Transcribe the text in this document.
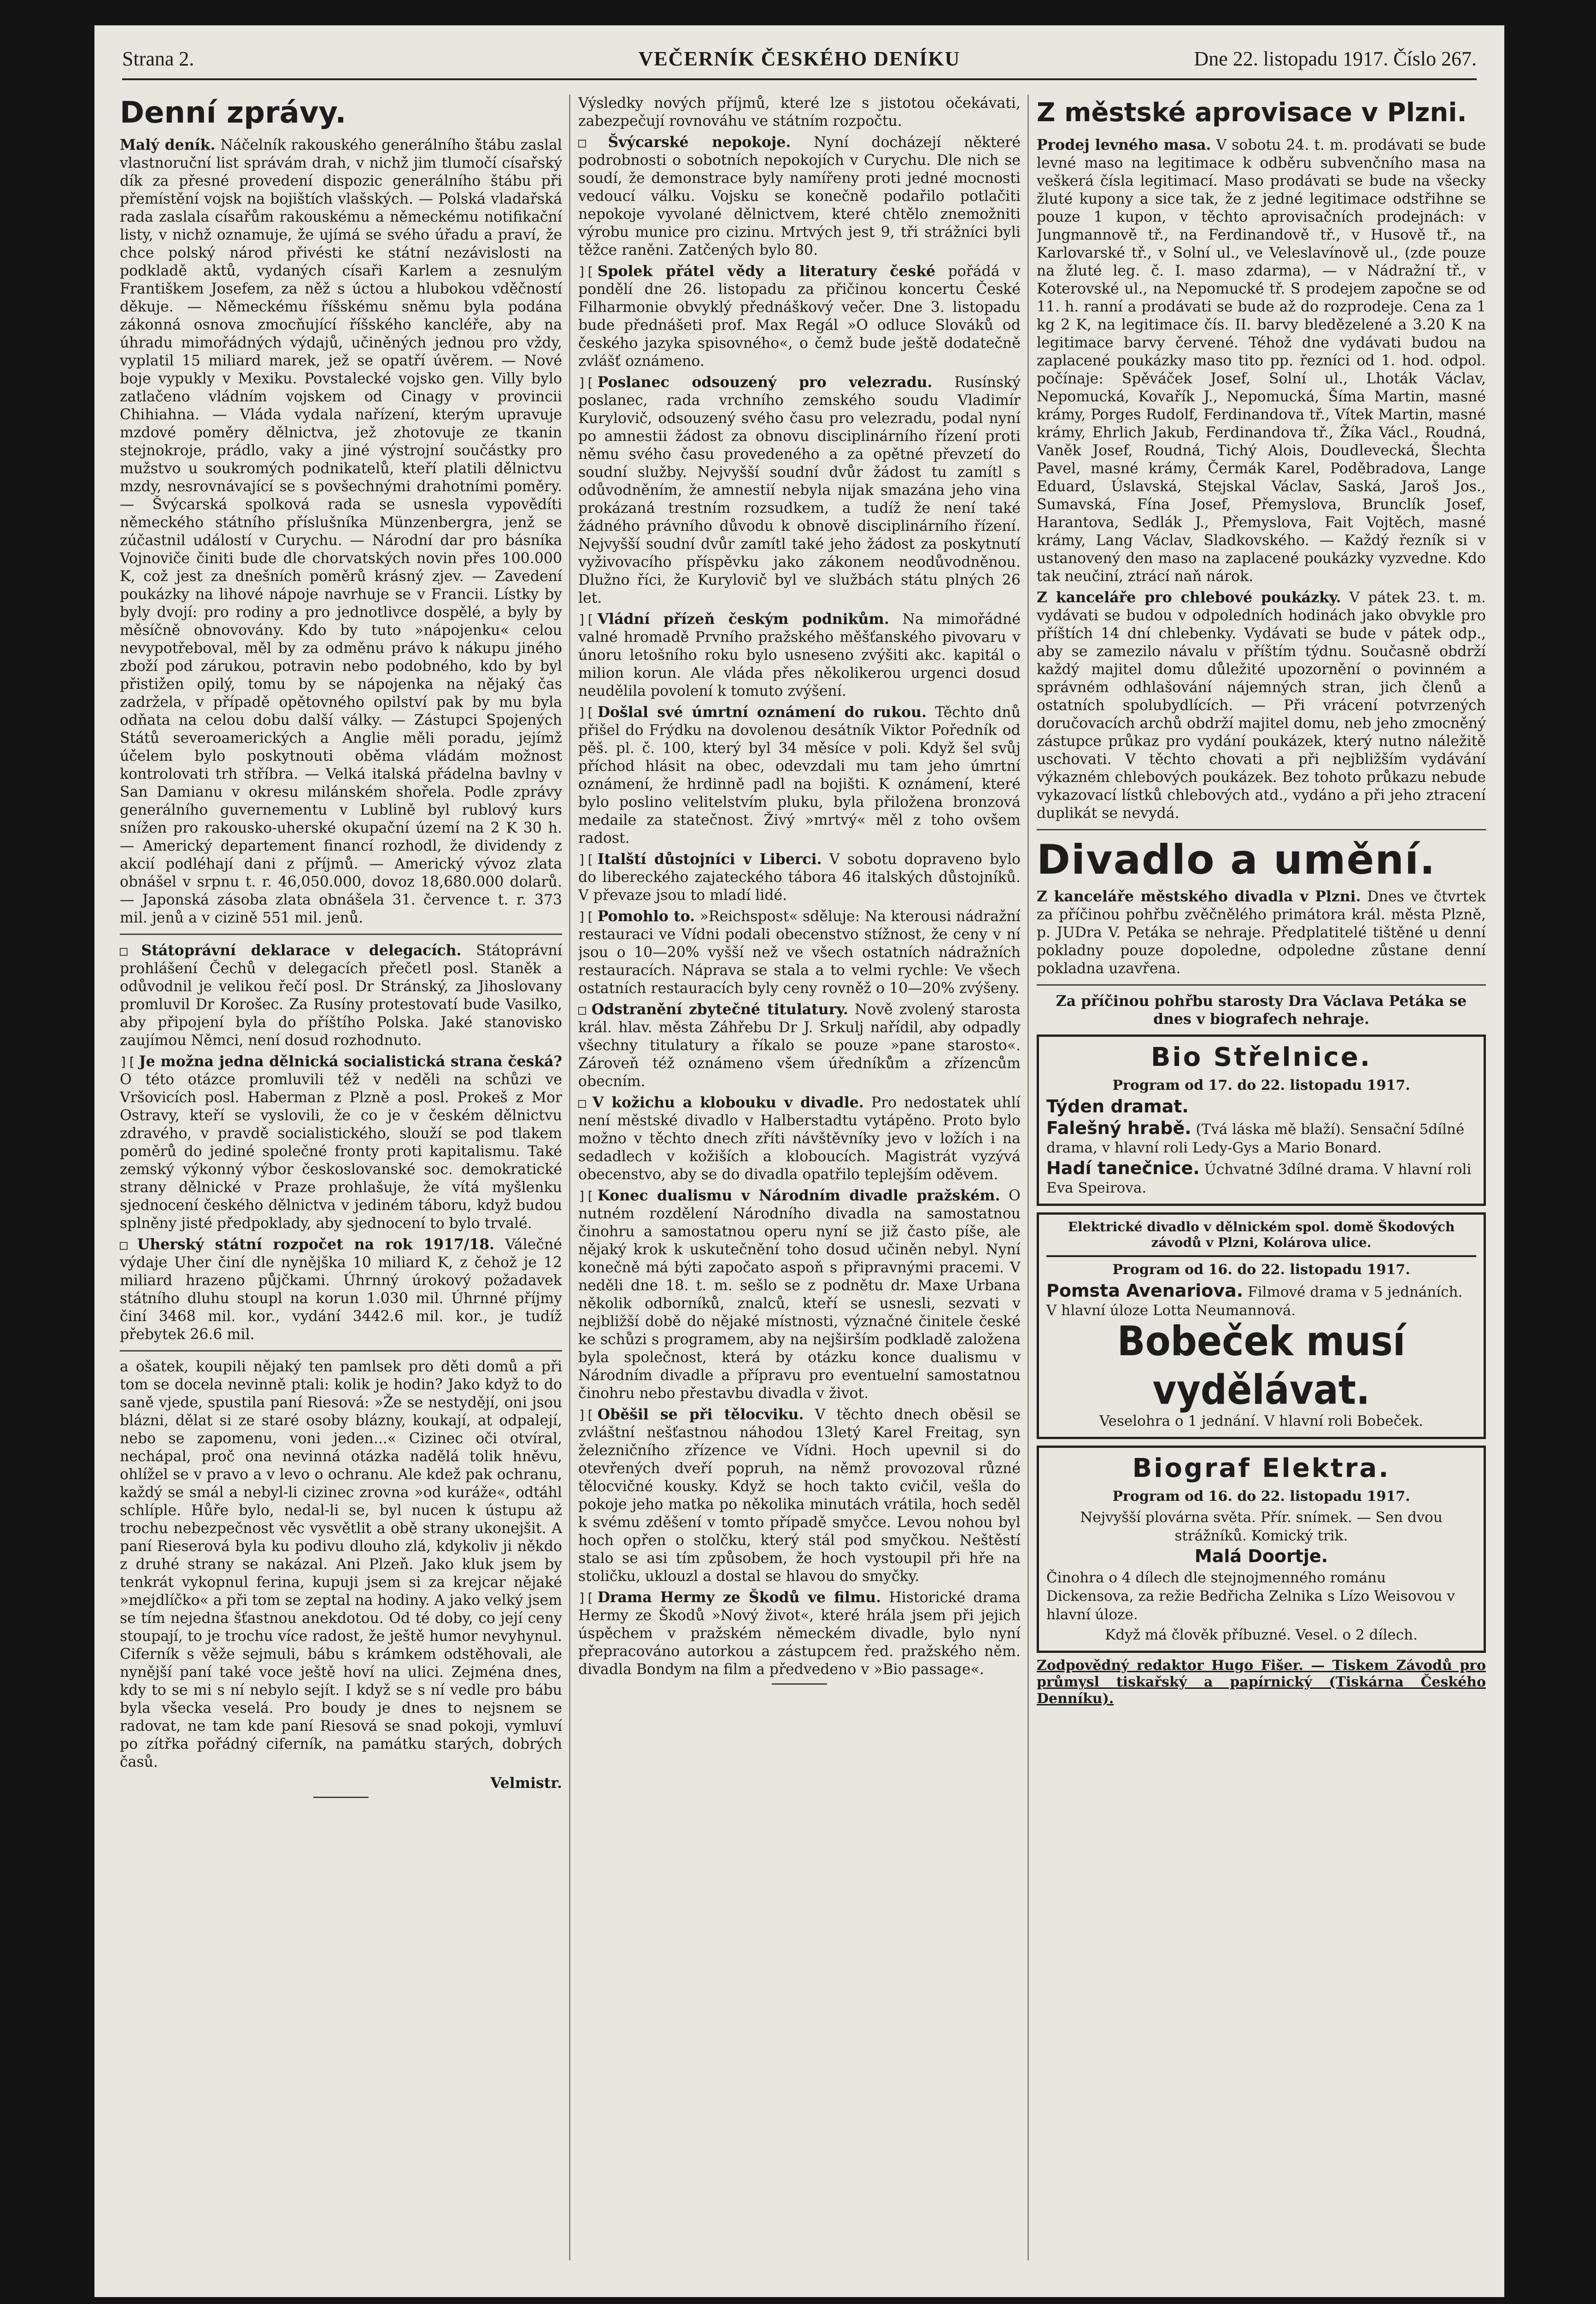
Strana 2.	VEČERNÍK ČESKÉHO DENÍKU	Dne 22. listopadu 1917. Číslo 267.
Denní zprávy.

Malý deník. Náčelník rakouského generálního štábu zaslal vlastnoruční list správám drah, v nichž jim tlumočí císařský dík za přesné provedení dispozic generálního štábu při přemístění vojsk na bojištích vlašských. — Polská vladařská rada zaslala císařům rakouskému a německému notifikační listy, v nichž oznamuje, že ujímá se svého úřadu a praví, že chce polský národ přivésti ke státní nezávislosti na podkladě aktů, vydaných císaři Karlem a zesnulým Františkem Josefem, za něž s úctou a hlubokou vděčností děkuje. — Německému říšskému sněmu byla podána zákonná osnova zmocňující říšského kancléře, aby na úhradu mimořádných výdajů, učiněných jednou pro vždy, vyplatil 15 miliard marek, jež se opatří úvěrem. — Nové boje vypukly v Mexiku. Povstalecké vojsko gen. Villy bylo zatlačeno vládním vojskem od Cinagy v provincii Chihiahna. — Vláda vydala nařízení, kterým upravuje mzdové poměry dělnictva, jež zhotovuje ze tkanin stejnokroje, prádlo, vaky a jiné výstrojní součástky pro mužstvo u soukromých podnikatelů, kteří platili dělnictvu mzdy, nesrovnávající se s povšechnými drahotními poměry. — Švýcarská spolková rada se usnesla vypovědíti německého státního příslušníka Münzenbergra, jenž se zúčastnil událostí v Curychu. — Národní dar pro básníka Vojnoviče činiti bude dle chorvatských novin přes 100.000 K, což jest za dnešních poměrů krásný zjev. — Zavedení poukázky na lihové nápoje navrhuje se v Francii. Lístky by byly dvojí: pro rodiny a pro jednotlivce dospělé, a byly by měsíčně obnovovány. Kdo by tuto »nápojenku« celou nevypotřeboval, měl by za odměnu právo k nákupu jiného zboží pod zárukou, potravin nebo podobného, kdo by byl přistižen opilý, tomu by se nápojenka na nějaký čas zadržela, v případě opětovného opilství pak by mu byla odňata na celou dobu další války. — Zástupci Spojených Států severoamerických a Anglie měli poradu, jejímž účelem bylo poskytnouti oběma vládám možnost kontrolovati trh stříbra. — Velká italská přádelna bavlny v San Damianu v okresu milánském shořela. Podle zprávy generálního guvernementu v Lublině byl rublový kurs snížen pro rakousko-uherské okupační území na 2 K 30 h. — Americký departement financí rozhodl, že dividendy z akcií podléhají dani z příjmů. — Americký vývoz zlata obnášel v srpnu t. r. 46,050.000, dovoz 18,680.000 dolarů. — Japonská zásoba zlata obnášela 31. července t. r. 373 mil. jenů a v cizině 551 mil. jenů.

□ Státoprávní deklarace v delegacích. Státoprávní prohlášení Čechů v delegacích přečetl posl. Staněk a odůvodnil je velikou řečí posl. Dr Stránský, za Jihoslovany promluvil Dr Korošec. Za Rusíny protestovatí bude Vasilko, aby připojení byla do příštího Polska. Jaké stanovisko zaujímou Němci, není dosud rozhodnuto.

][ Je možna jedna dělnická socialistická strana česká? O této otázce promluvili též v neděli na schůzi ve Vršovicích posl. Haberman z Plzně a posl. Prokeš z Mor Ostravy, kteří se vyslovili, že co je v českém dělnictvu zdravého, v pravdě socialistického, slouží se pod tlakem poměrů do jediné společné fronty proti kapitalismu. Také zemský výkonný výbor českoslovanské soc. demokratické strany dělnické v Praze prohlašuje, že vítá myšlenku sjednocení českého dělnictva v jediném táboru, když budou splněny jisté předpoklady, aby sjednocení to bylo trvalé.

□ Uherský státní rozpočet na rok 1917/18. Válečné výdaje Uher činí dle nynějška 10 miliard K, z čehož je 12 miliard hrazeno půjčkami. Úhrnný úrokový požadavek státního dluhu stoupl na korun 1.030 mil. Úhrnné příjmy činí 3468 mil. kor., vydání 3442.6 mil. kor., je tudíž přebytek 26.6 mil.

a ošatek, koupili nějaký ten pamlsek pro děti domů a při tom se docela nevinně ptali: kolik je hodin? Jako když to do saně vjede, spustila paní Riesová: »Že se nestydějí, oni jsou blázni, dělat si ze staré osoby blázny, koukají, at odpalejí, nebo se zapomenu, voni jeden...« Cizinec oči otvíral, nechápal, proč ona nevinná otázka nadělá tolik hněvu, ohlížel se v pravo a v levo o ochranu. Ale kdež pak ochranu, každý se smál a nebyl-li cizinec zrovna »od kuráže«, odtáhl schlíple. Hůře bylo, nedal-li se, byl nucen k ústupu až trochu nebezpečnost věc vysvětlit a obě strany ukonejšit. A paní Rieserová byla ku podivu dlouho zlá, kdykoliv ji někdo z druhé strany se nakázal. Ani Plzeň. Jako kluk jsem by tenkrát vykopnul ferina, kupuji jsem si za krejcar nějaké »mejdlíčko« a při tom se zeptal na hodiny. A jako velký jsem se tím nejedna šťastnou anekdotou. Od té doby, co její ceny stoupají, to je trochu více radost, že ještě humor nevyhynul. Ciferník s věže sejmuli, bábu s krámkem odstěhovali, ale nynější paní také voce ještě hoví na ulici. Zejména dnes, kdy to se mi s ní nebylo sejít. I když se s ní vedle pro bábu byla všecka veselá. Pro boudy je dnes to nejsnem se radovat, ne tam kde paní Riesová se snad pokoji, vymluví po zítřka pořádný ciferník, na památku starých, dobrých časů.

Velmistr.

Výsledky nových příjmů, které lze s jistotou očekávati, zabezpečují rovnováhu ve státním rozpočtu.

□ Švýcarské nepokoje. Nyní docházejí některé podrobnosti o sobotních nepokojích v Curychu. Dle nich se soudí, že demonstrace byly namířeny proti jedné mocnosti vedoucí válku. Vojsku se konečně podařilo potlačiti nepokoje vyvolané dělnictvem, které chtělo znemožniti výrobu munice pro cizinu. Mrtvých jest 9, tři strážníci byli těžce raněni. Zatčených bylo 80.

][ Spolek přátel vědy a literatury české pořádá v pondělí dne 26. listopadu za přičinou koncertu České Filharmonie obvyklý přednáškový večer. Dne 3. listopadu bude přednášeti prof. Max Regál »O odluce Slováků od českého jazyka spisovného«, o čemž bude ještě dodatečně zvlášť oznámeno.

][ Poslanec odsouzený pro velezradu. Rusínský poslanec, rada vrchního zemského soudu Vladimír Kurylovič, odsouzený svého času pro velezradu, podal nyní po amnestii žádost za obnovu disciplinárního řízení proti němu svého času provedeného a za opětné převzetí do soudní služby. Nejvyšší soudní dvůr žádost tu zamítl s odůvodněním, že amnestií nebyla nijak smazána jeho vina prokázaná trestním rozsudkem, a tudíž že není také žádného právního důvodu k obnově disciplinárního řízení. Nejvyšší soudní dvůr zamítl také jeho žádost za poskytnutí vyživovacího příspěvku jako zákonem neodůvodněnou. Dlužno říci, že Kurylovič byl ve službách státu plných 26 let.

][ Vládní přízeň českým podnikům. Na mimořádné valné hromadě Prvního pražského měšťanského pivovaru v únoru letošního roku bylo usneseno zvýšiti akc. kapitál o milion korun. Ale vláda přes několikerou urgenci dosud neudělila povolení k tomuto zvýšení.

][ Došlal své úmrtní oznámení do rukou. Těchto dnů přišel do Frýdku na dovolenou desátník Viktor Poředník od pěš. pl. č. 100, který byl 34 měsíce v poli. Když šel svůj příchod hlásit na obec, odevzdali mu tam jeho úmrtní oznámení, že hrdinně padl na bojišti. K oznámení, které bylo poslino velitelstvím pluku, byla přiložena bronzová medaile za statečnost. Živý »mrtvý« měl z toho ovšem radost.

][ Italští důstojníci v Liberci. V sobotu dopraveno bylo do libereckého zajateckého tábora 46 italských důstojníků. V převaze jsou to mladí lidé.

][ Pomohlo to. »Reichspost« sděluje: Na kterousi nádražní restauraci ve Vídni podali obecenstvo stížnost, že ceny v ní jsou o 10—20% vyšší než ve všech ostatních nádražních restauracích. Náprava se stala a to velmi rychle: Ve všech ostatních restauracích byly ceny rovněž o 10—20% zvýšeny.

□ Odstranění zbytečné titulatury. Nově zvolený starosta král. hlav. města Záhřebu Dr J. Srkulj nařídil, aby odpadly všechny titulatury a říkalo se pouze »pane starosto«. Zároveň též oznámeno všem úředníkům a zřízencům obecním.

□ V kožichu a klobouku v divadle. Pro nedostatek uhlí není městské divadlo v Halberstadtu vytápěno. Proto bylo možno v těchto dnech zříti návštěvníky jevo v ložích i na sedadlech v kožiších a kloboucích. Magistrát vyzývá obecenstvo, aby se do divadla opatřilo teplejším oděvem.

][ Konec dualismu v Národním divadle pražském. O nutném rozdělení Národního divadla na samostatnou činohru a samostatnou operu nyní se již často píše, ale nějaký krok k uskutečnění toho dosud učiněn nebyl. Nyní konečně má býti započato aspoň s připravnými pracemi. V neděli dne 18. t. m. sešlo se z podnětu dr. Maxe Urbana několik odborníků, znalců, kteří se usnesli, sezvati v nejbližší době do nějaké místnosti, význačné činitele české ke schůzi s programem, aby na nejširším podkladě založena byla společnost, která by otázku konce dualismu v Národním divadle a přípravu pro eventuelní samostatnou činohru nebo přestavbu divadla v život.

][ Oběšil se při tělocviku. V těchto dnech oběsil se zvláštní nešťastnou náhodou 13letý Karel Freitag, syn železničního zřízence ve Vídni. Hoch upevnil si do otevřených dveří popruh, na němž provozoval různé tělocvičné kousky. Když se hoch takto cvičil, vešla do pokoje jeho matka po několika minutách vrátila, hoch seděl k svému zděšení v tomto případě smyčce. Levou nohou byl hoch opřen o stolčku, který stál pod smyčkou. Neštěstí stalo se asi tím způsobem, že hoch vystoupil při hře na stoličku, uklouzl a dostal se hlavou do smyčky.

][ Drama Hermy ze Škodů ve filmu. Historické drama Hermy ze Škodů »Nový život«, které hrála jsem při jejich úspěchem v pražském německém divadle, bylo nyní přepracováno autorkou a zástupcem řed. pražského něm. divadla Bondym na film a předvedeno v »Bio passage«.

Z městské aprovisace v Plzni.

Prodej levného masa. V sobotu 24. t. m. prodávati se bude levné maso na legitimace k odběru subvenčního masa na veškerá čísla legitimací. Maso prodávati se bude na všecky žluté kupony a sice tak, že z jedné legitimace odstřihne se pouze 1 kupon, v těchto aprovisačních prodejnách: v Jungmannově tř., na Ferdinandově tř., v Husově tř., na Karlovarské tř., v Solní ul., ve Veleslavínově ul., (zde pouze na žluté leg. č. I. maso zdarma), — v Nádražní tř., v Koterovské ul., na Nepomucké tř. S prodejem započne se od 11. h. ranní a prodávati se bude až do rozprodeje. Cena za 1 kg 2 K, na legitimace čís. II. barvy bledězelené a 3.20 K na legitimace barvy červené. Téhož dne vydávati budou na zaplacené poukázky maso tito pp. řezníci od 1. hod. odpol. počínaje: Spěváček Josef, Solní ul., Lhoták Václav, Nepomucká, Kovařík J., Nepomucká, Šíma Martin, masné krámy, Porges Rudolf, Ferdinandova tř., Vítek Martin, masné krámy, Ehrlich Jakub, Ferdinandova tř., Žíka Václ., Roudná, Vaněk Josef, Roudná, Tichý Alois, Doudlevecká, Šlechta Pavel, masné krámy, Čermák Karel, Poděbradova, Lange Eduard, Úslavská, Stejskal Václav, Saská, Jaroš Jos., Sumavská, Fína Josef, Přemyslova, Brunclík Josef, Harantova, Sedlák J., Přemyslova, Fait Vojtěch, masné krámy, Lang Václav, Sladkovského. — Každý řezník si v ustanovený den maso na zaplacené poukázky vyzvedne. Kdo tak neučiní, ztrácí naň nárok.

Z kanceláře pro chlebové poukázky. V pátek 23. t. m. vydávati se budou v odpoledních hodinách jako obvykle pro příštích 14 dní chlebenky. Vydávati se bude v pátek odp., aby se zamezilo návalu v příštím týdnu. Současně obdrží každý majitel domu důležité upozornění o povinném a správném odhlašování nájemných stran, jich členů a ostatních spolubydlících. — Při vrácení potvrzených doručovacích archů obdrží majitel domu, neb jeho zmocněný zástupce průkaz pro vydání poukázek, který nutno náležitě uschovati. V těchto chovati a při nejbližším vydávání výkazném chlebových poukázek. Bez tohoto průkazu nebude vykazovací lístků chlebových atd., vydáno a při jeho ztracení duplikát se nevydá.

Divadlo a umění.

Z kanceláře městského divadla v Plzni. Dnes ve čtvrtek za příčinou pohřbu zvěčnělého primátora král. města Plzně, p. JUDra V. Petáka se nehraje. Předplatitelé tištěné u denní pokladny pouze dopoledne, odpoledne zůstane denní pokladna uzavřena.

Za příčinou pohřbu starosty Dra Václava Petáka se dnes v biografech nehraje.

Bio Střelnice.
Program od 17. do 22. listopadu 1917.
Týden dramat.
Falešný hrabě. (Tvá láska mě blaží). Sensační 5dílné drama, v hlavní roli Ledy-Gys a Mario Bonard.
Hadí tanečnice. Úchvatné 3dílné drama. V hlavní roli Eva Speirova.
Elektrické divadlo v dělnickém spol. domě Škodových závodů v Plzni, Kolárova ulice.
Program od 16. do 22. listopadu 1917.
Pomsta Avenariova. Filmové drama v 5 jednáních. V hlavní úloze Lotta Neumannová.
Bobeček musí vydělávat.
Veselohra o 1 jednání. V hlavní roli Bobeček.
Biograf Elektra.
Program od 16. do 22. listopadu 1917.
Nejvyšší plovárna světa. Přír. snímek. — Sen dvou strážníků. Komický trik.
Malá Doortje.
Činohra o 4 dílech dle stejnojmenného románu Dickensova, za režie Bedřicha Zelnika s Lízo Weisovou v hlavní úloze.
Když má člověk příbuzné. Vesel. o 2 dílech.

Zodpovědný redaktor Hugo Fišer. — Tiskem Závodů pro průmysl tiskařský a papírnický (Tiskárna Českého Denníku).
